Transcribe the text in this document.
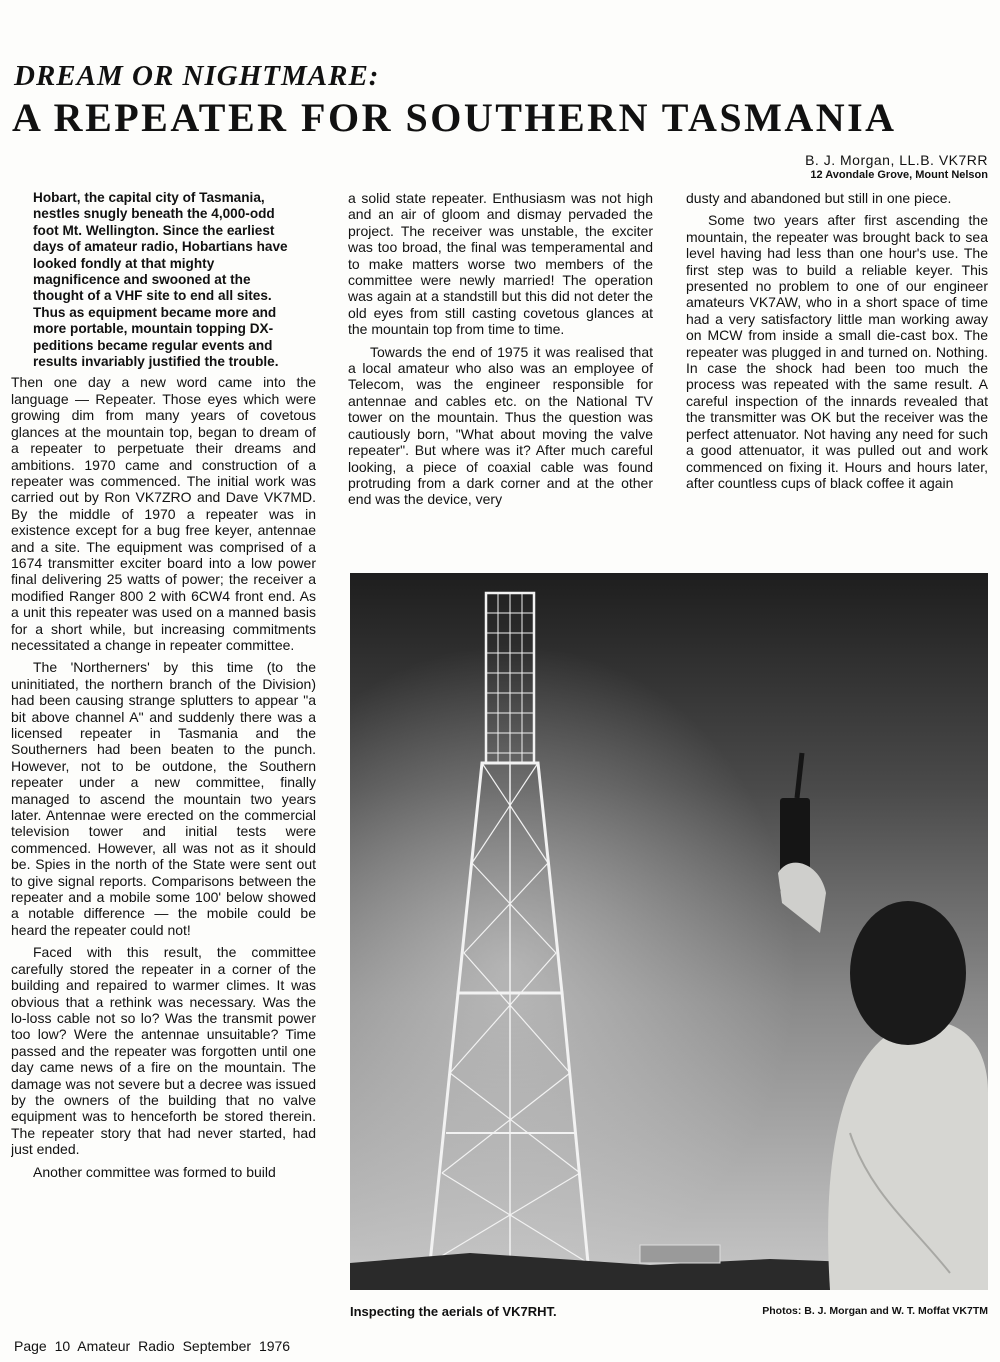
DREAM OR NIGHTMARE:
A REPEATER FOR SOUTHERN TASMANIA
B. J. Morgan, LL.B. VK7RR
12 Avondale Grove, Mount Nelson
Hobart, the capital city of Tasmania, nestles snugly beneath the 4,000-odd foot Mt. Wellington. Since the earliest days of amateur radio, Hobartians have looked fondly at that mighty magnificence and swooned at the thought of a VHF site to end all sites. Thus as equipment became more and more portable, mountain topping DX-peditions became regular events and results invariably justified the trouble.

Then one day a new word came into the language — Repeater. Those eyes which were growing dim from many years of covetous glances at the mountain top, began to dream of a repeater to perpetuate their dreams and ambitions. 1970 came and construction of a repeater was commenced. The initial work was carried out by Ron VK7ZRO and Dave VK7MD. By the middle of 1970 a repeater was in existence except for a bug free keyer, antennae and a site. The equipment was comprised of a 1674 transmitter exciter board into a low power final delivering 25 watts of power; the receiver a modified Ranger 800 2 with 6CW4 front end. As a unit this repeater was used on a manned basis for a short while, but increasing commitments necessitated a change in repeater committee.

The 'Northerners' by this time (to the uninitiated, the northern branch of the Division) had been causing strange splutters to appear "a bit above channel A" and suddenly there was a licensed repeater in Tasmania and the Southerners had been beaten to the punch. However, not to be outdone, the Southern repeater under a new committee, finally managed to ascend the mountain two years later. Antennae were erected on the commercial television tower and initial tests were commenced. However, all was not as it should be. Spies in the north of the State were sent out to give signal reports. Comparisons between the repeater and a mobile some 100' below showed a notable difference — the mobile could be heard the repeater could not!

Faced with this result, the committee carefully stored the repeater in a corner of the building and repaired to warmer climes. It was obvious that a rethink was necessary. Was the lo-loss cable not so lo? Was the transmit power too low? Were the antennae unsuitable? Time passed and the repeater was forgotten until one day came news of a fire on the mountain. The damage was not severe but a decree was issued by the owners of the building that no valve equipment was to henceforth be stored therein. The repeater story that had never started, had just ended.

Another committee was formed to build

a solid state repeater. Enthusiasm was not high and an air of gloom and dismay pervaded the project. The receiver was unstable, the exciter was too broad, the final was temperamental and to make matters worse two members of the committee were newly married! The operation was again at a standstill but this did not deter the old eyes from still casting covetous glances at the mountain top from time to time.

Towards the end of 1975 it was realised that a local amateur who also was an employee of Telecom, was the engineer responsible for antennae and cables etc. on the National TV tower on the mountain. Thus the question was cautiously born, "What about moving the valve repeater". But where was it? After much careful looking, a piece of coaxial cable was found protruding from a dark corner and at the other end was the device, very

dusty and abandoned but still in one piece.

Some two years after first ascending the mountain, the repeater was brought back to sea level having had less than one hour's use. The first step was to build a reliable keyer. This presented no problem to one of our engineer amateurs VK7AW, who in a short space of time had a very satisfactory little man working away on MCW from inside a small die-cast box. The repeater was plugged in and turned on. Nothing. In case the shock had been too much the process was repeated with the same result. A careful inspection of the innards revealed that the transmitter was OK but the receiver was the perfect attenuator. Not having any need for such a good attenuator, it was pulled out and work commenced on fixing it. Hours and hours later, after countless cups of black coffee it again

Inspecting the aerials of VK7RHT.	Photos: B. J. Morgan and W. T. Moffat VK7TM
Page 10 Amateur Radio September 1976
